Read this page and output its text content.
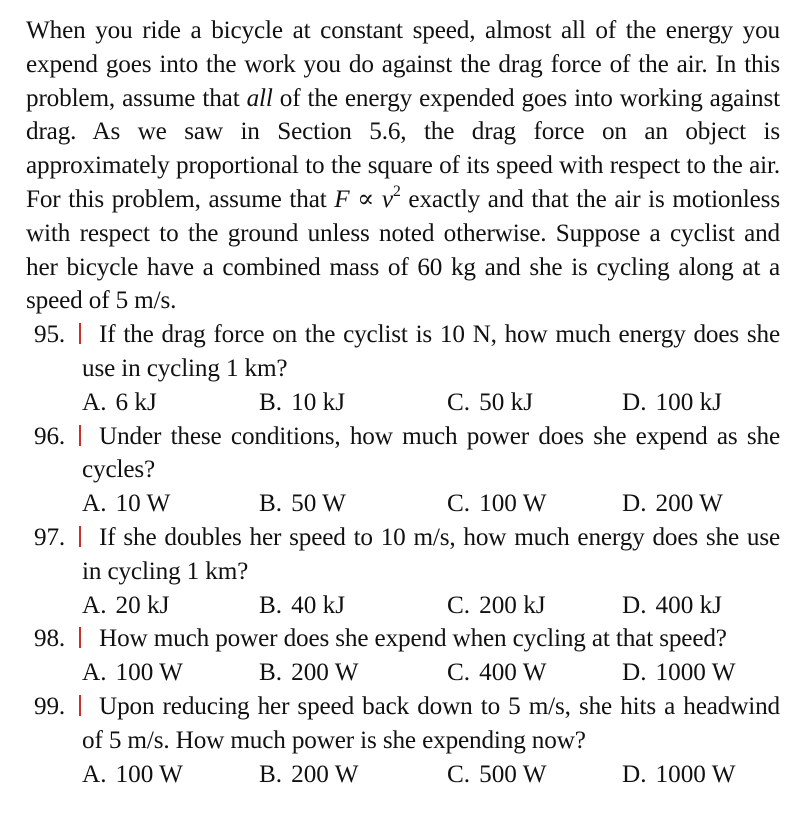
When you ride a bicycle at constant speed, almost all of the energy you expend goes into the work you do against the drag force of the air. In this problem, assume that all of the energy expended goes into working against drag. As we saw in Section 5.6, the drag force on an object is approximately proportional to the square of its speed with respect to the air. For this problem, assume that $F \propto v^2$ exactly and that the air is motionless with respect to the ground unless noted otherwise. Suppose a cyclist and her bicycle have a combined mass of 60 kg and she is cycling along at a speed of 5 m/s.

95. If the drag force on the cyclist is 10 N, how much energy does she use in cycling 1 km?
A. 6 kJ	B. 10 kJ	C. 50 kJ	D. 100 kJ
96. Under these conditions, how much power does she expend as she cycles?
A. 10 W	B. 50 W	C. 100 W	D. 200 W
97. If she doubles her speed to 10 m/s, how much energy does she use in cycling 1 km?
A. 20 kJ	B. 40 kJ	C. 200 kJ	D. 400 kJ
98. How much power does she expend when cycling at that speed?
A. 100 W	B. 200 W	C. 400 W	D. 1000 W
99. Upon reducing her speed back down to 5 m/s, she hits a headwind of 5 m/s. How much power is she expending now?
A. 100 W	B. 200 W	C. 500 W	D. 1000 W
